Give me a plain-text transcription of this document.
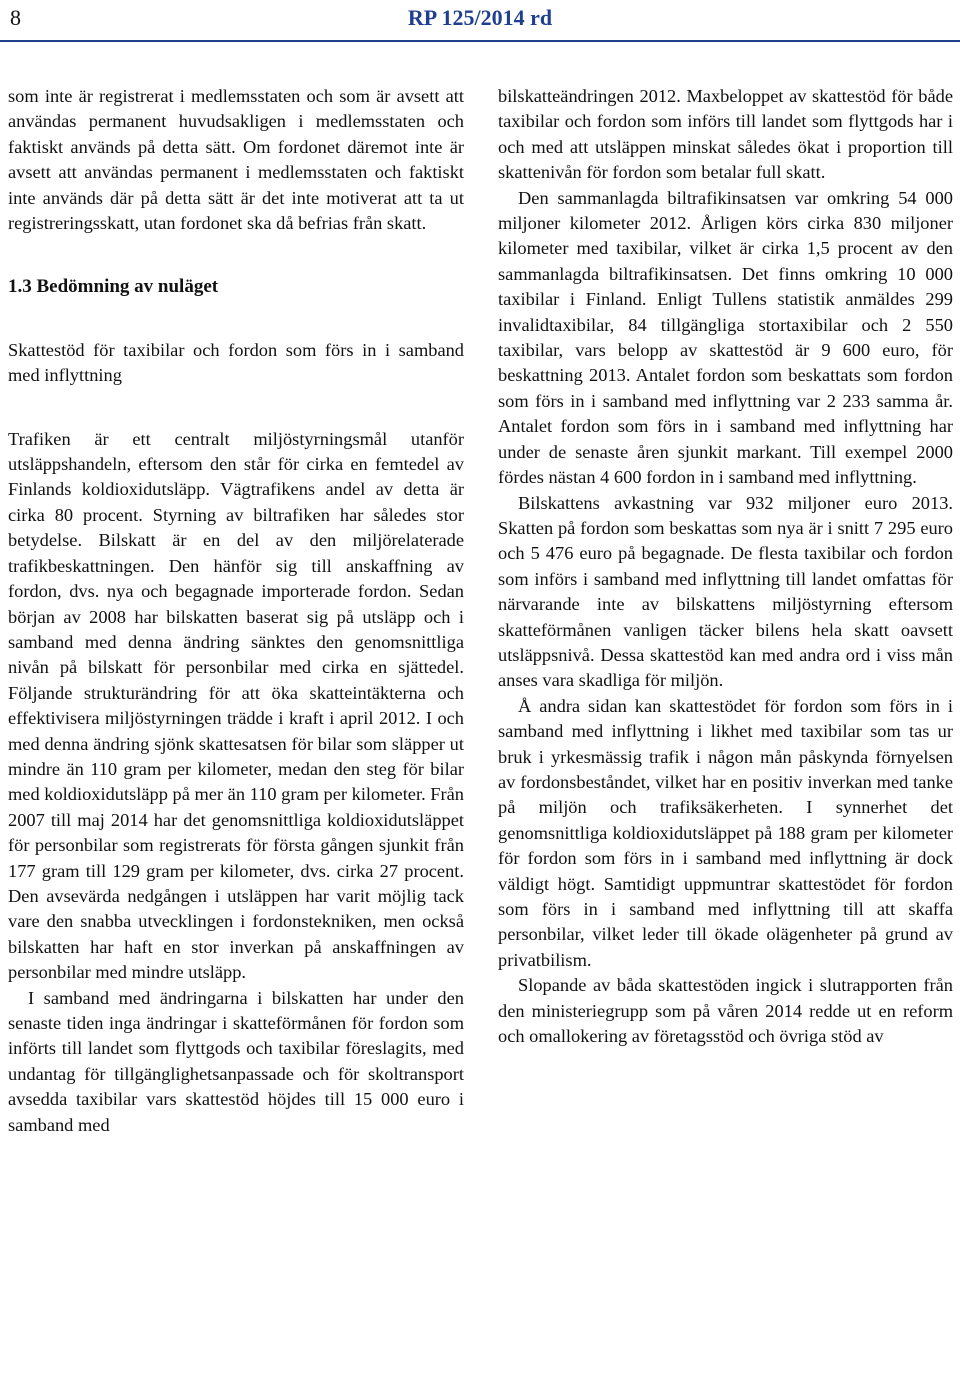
8	RP 125/2014 rd

som inte är registrerat i medlemsstaten och som är avsett att användas permanent huvudsakligen i medlemsstaten och faktiskt används på detta sätt. Om fordonet däremot inte är avsett att användas permanent i medlemsstaten och faktiskt inte används där på detta sätt är det inte motiverat att ta ut registreringsskatt, utan fordonet ska då befrias från skatt.

1.3 Bedömning av nuläget

Skattestöd för taxibilar och fordon som förs in i samband med inflyttning

Trafiken är ett centralt miljöstyrningsmål utanför utsläppshandeln, eftersom den står för cirka en femtedel av Finlands koldioxidutsläpp. Vägtrafikens andel av detta är cirka 80 procent. Styrning av biltrafiken har således stor betydelse. Bilskatt är en del av den miljörelaterade trafikbeskattningen. Den hänför sig till anskaffning av fordon, dvs. nya och begagnade importerade fordon. Sedan början av 2008 har bilskatten baserat sig på utsläpp och i samband med denna ändring sänktes den genomsnittliga nivån på bilskatt för personbilar med cirka en sjättedel. Följande strukturändring för att öka skatteintäkterna och effektivisera miljöstyrningen trädde i kraft i april 2012. I och med denna ändring sjönk skattesatsen för bilar som släpper ut mindre än 110 gram per kilometer, medan den steg för bilar med koldioxidutsläpp på mer än 110 gram per kilometer. Från 2007 till maj 2014 har det genomsnittliga koldioxidutsläppet för personbilar som registrerats för första gången sjunkit från 177 gram till 129 gram per kilometer, dvs. cirka 27 procent. Den avsevärda nedgången i utsläppen har varit möjlig tack vare den snabba utvecklingen i fordonstekniken, men också bilskatten har haft en stor inverkan på anskaffningen av personbilar med mindre utsläpp.

I samband med ändringarna i bilskatten har under den senaste tiden inga ändringar i skatteförmånen för fordon som införts till landet som flyttgods och taxibilar föreslagits, med undantag för tillgänglighetsanpassade och för skoltransport avsedda taxibilar vars skattestöd höjdes till 15 000 euro i samband med

bilskatteändringen 2012. Maxbeloppet av skattestöd för både taxibilar och fordon som införs till landet som flyttgods har i och med att utsläppen minskat således ökat i proportion till skattenivån för fordon som betalar full skatt.

Den sammanlagda biltrafikinsatsen var omkring 54 000 miljoner kilometer 2012. Årligen körs cirka 830 miljoner kilometer med taxibilar, vilket är cirka 1,5 procent av den sammanlagda biltrafikinsatsen. Det finns omkring 10 000 taxibilar i Finland. Enligt Tullens statistik anmäldes 299 invalidtaxibilar, 84 tillgängliga stortaxibilar och 2 550 taxibilar, vars belopp av skattestöd är 9 600 euro, för beskattning 2013. Antalet fordon som beskattats som fordon som förs in i samband med inflyttning var 2 233 samma år. Antalet fordon som förs in i samband med inflyttning har under de senaste åren sjunkit markant. Till exempel 2000 fördes nästan 4 600 fordon in i samband med inflyttning.

Bilskattens avkastning var 932 miljoner euro 2013. Skatten på fordon som beskattas som nya är i snitt 7 295 euro och 5 476 euro på begagnade. De flesta taxibilar och fordon som införs i samband med inflyttning till landet omfattas för närvarande inte av bilskattens miljöstyrning eftersom skatteförmånen vanligen täcker bilens hela skatt oavsett utsläppsnivå. Dessa skattestöd kan med andra ord i viss mån anses vara skadliga för miljön.

Å andra sidan kan skattestödet för fordon som förs in i samband med inflyttning i likhet med taxibilar som tas ur bruk i yrkesmässig trafik i någon mån påskynda förnyelsen av fordonsbeståndet, vilket har en positiv inverkan med tanke på miljön och trafiksäkerheten. I synnerhet det genomsnittliga koldioxidutsläppet på 188 gram per kilometer för fordon som förs in i samband med inflyttning är dock väldigt högt. Samtidigt uppmuntrar skattestödet för fordon som förs in i samband med inflyttning till att skaffa personbilar, vilket leder till ökade olägenheter på grund av privatbilism.

Slopande av båda skattestöden ingick i slutrapporten från den ministeriegrupp som på våren 2014 redde ut en reform och omallokering av företagsstöd och övriga stöd av
